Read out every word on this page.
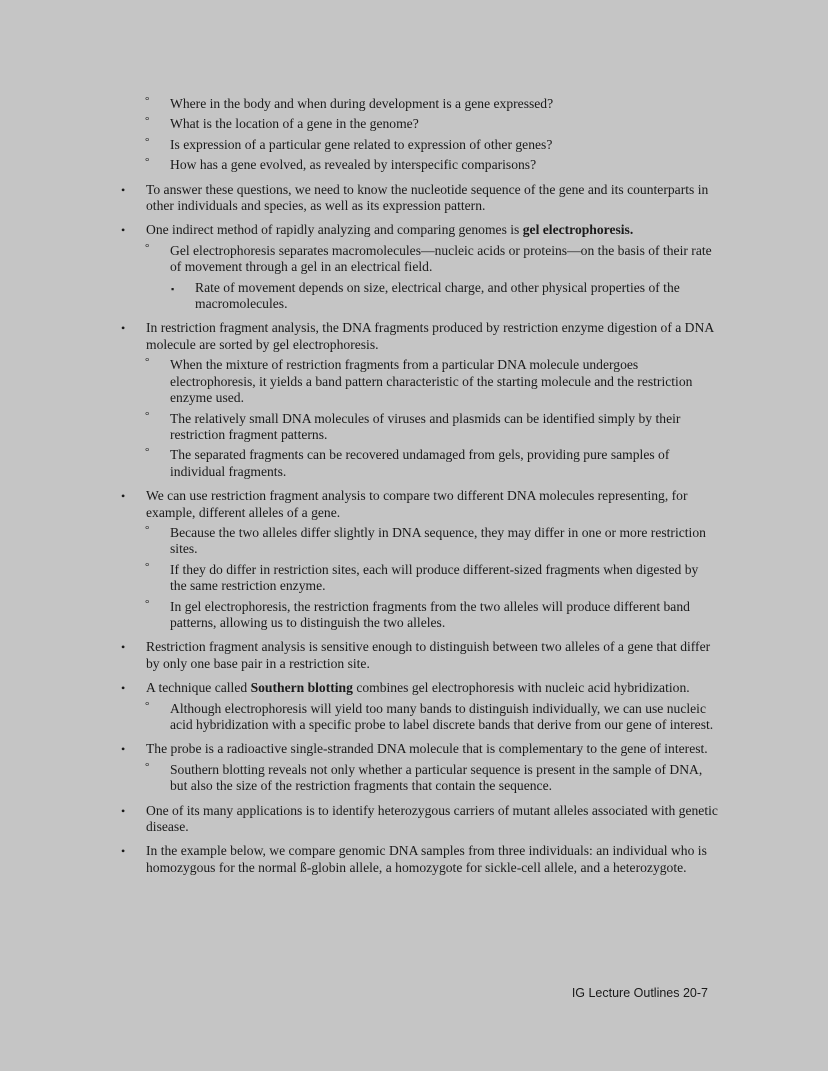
° Where in the body and when during development is a gene expressed?
° What is the location of a gene in the genome?
° Is expression of a particular gene related to expression of other genes?
° How has a gene evolved, as revealed by interspecific comparisons?
• To answer these questions, we need to know the nucleotide sequence of the gene and its counterparts in other individuals and species, as well as its expression pattern.
• One indirect method of rapidly analyzing and comparing genomes is gel electrophoresis.
° Gel electrophoresis separates macromolecules—nucleic acids or proteins—on the basis of their rate of movement through a gel in an electrical field.
▪ Rate of movement depends on size, electrical charge, and other physical properties of the macromolecules.
• In restriction fragment analysis, the DNA fragments produced by restriction enzyme digestion of a DNA molecule are sorted by gel electrophoresis.
° When the mixture of restriction fragments from a particular DNA molecule undergoes electrophoresis, it yields a band pattern characteristic of the starting molecule and the restriction enzyme used.
° The relatively small DNA molecules of viruses and plasmids can be identified simply by their restriction fragment patterns.
° The separated fragments can be recovered undamaged from gels, providing pure samples of individual fragments.
• We can use restriction fragment analysis to compare two different DNA molecules representing, for example, different alleles of a gene.
° Because the two alleles differ slightly in DNA sequence, they may differ in one or more restriction sites.
° If they do differ in restriction sites, each will produce different-sized fragments when digested by the same restriction enzyme.
° In gel electrophoresis, the restriction fragments from the two alleles will produce different band patterns, allowing us to distinguish the two alleles.
• Restriction fragment analysis is sensitive enough to distinguish between two alleles of a gene that differ by only one base pair in a restriction site.
• A technique called Southern blotting combines gel electrophoresis with nucleic acid hybridization.
° Although electrophoresis will yield too many bands to distinguish individually, we can use nucleic acid hybridization with a specific probe to label discrete bands that derive from our gene of interest.
• The probe is a radioactive single-stranded DNA molecule that is complementary to the gene of interest.
° Southern blotting reveals not only whether a particular sequence is present in the sample of DNA, but also the size of the restriction fragments that contain the sequence.
• One of its many applications is to identify heterozygous carriers of mutant alleles associated with genetic disease.
• In the example below, we compare genomic DNA samples from three individuals: an individual who is homozygous for the normal ß-globin allele, a homozygote for sickle-cell allele, and a heterozygote.
IG Lecture Outlines 20-7
